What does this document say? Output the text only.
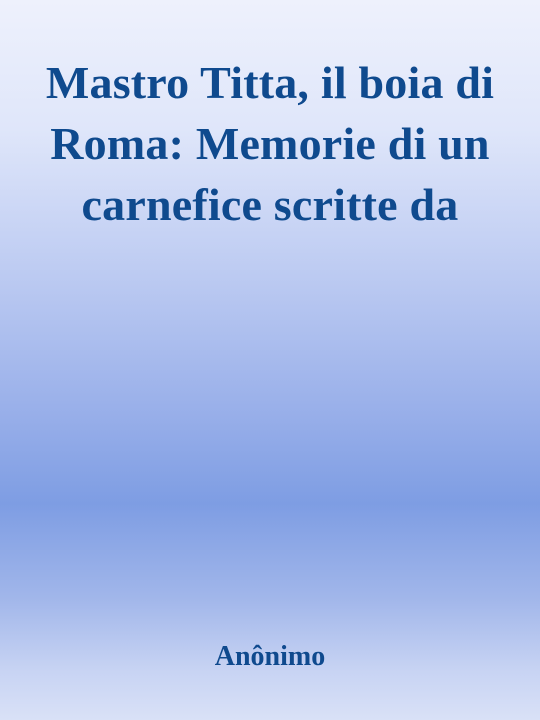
Mastro Titta, il boia di Roma: Memorie di un carnefice scritte da

Anônimo
